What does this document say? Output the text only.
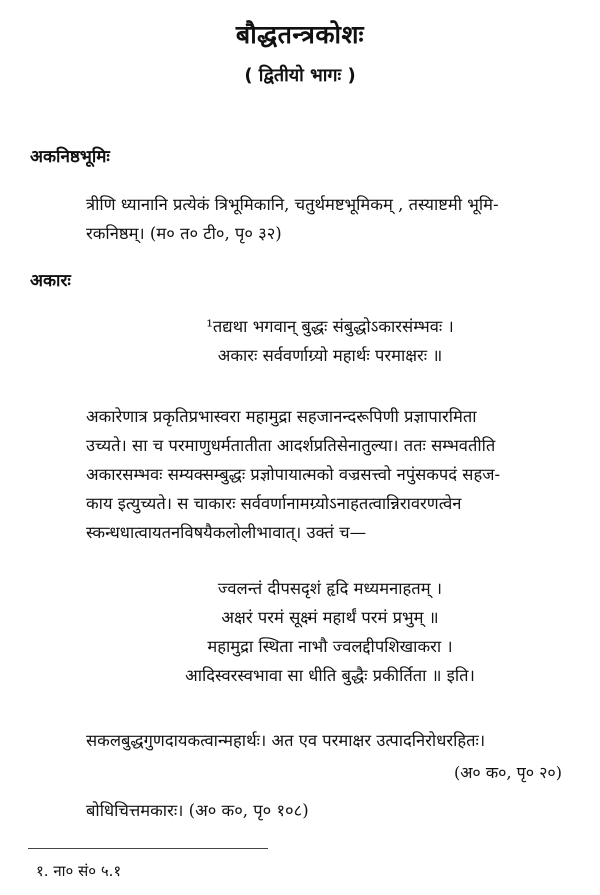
बौद्धतन्त्रकोशः
( द्वितीयो भागः )
अकनिष्ठभूमिः
त्रीणि ध्यानानि प्रत्येकं त्रिभूमिकानि, चतुर्थमष्टभूमिकम् , तस्याष्टमी भूमि-
रकनिष्ठम्। (म० त० टी०, पृ० ३२)
अकारः
¹तद्यथा भगवान् बुद्धः संबुद्धोऽकारसंम्भवः ।
अकारः सर्ववर्णाग्र्यो महार्थः परमाक्षरः ॥
अकारेणात्र प्रकृतिप्रभास्वरा महामुद्रा सहजानन्दरूपिणी प्रज्ञापारमिता
उच्यते। सा च परमाणुधर्मतातीता आदर्शप्रतिसेनातुल्या। ततः सम्भवतीति
अकारसम्भवः सम्यक्सम्बुद्धः प्रज्ञोपायात्मको वज्रसत्त्वो नपुंसकपदं सहज-
काय इत्युच्यते। स चाकारः सर्ववर्णानामग्र्योऽनाहतत्वान्निरावरणत्वेन
स्कन्धधात्वायतनविषयैकलोलीभावात्। उक्तं च—
ज्वलन्तं दीपसदृशं हृदि मध्यमनाहतम् ।
अक्षरं परमं सूक्ष्मं महार्थं परमं प्रभुम् ॥
महामुद्रा स्थिता नाभौ ज्वलद्दीपशिखाकरा ।
आदिस्वरस्वभावा सा धीति बुद्धैः प्रकीर्तिता ॥ इति।
सकलबुद्धगुणदायकत्वान्महार्थः। अत एव परमाक्षर उत्पादनिरोधरहितः।
(अ० क०, पृ० २०)
बोधिचित्तमकारः। (अ० क०, पृ० १०८)
१. ना० सं० ५.१
